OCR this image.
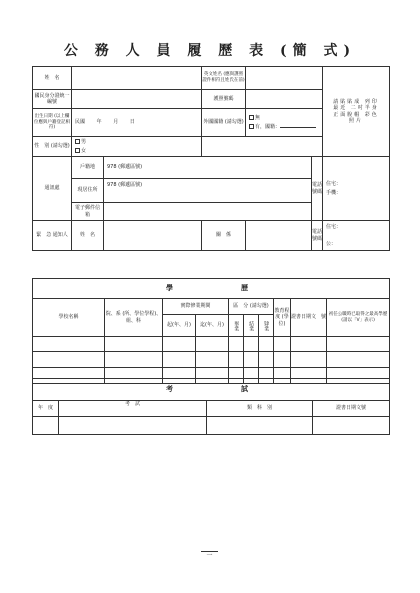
公 務 人 員 履 歷 表 (簡 式)
姓　名			英文姓名 (應與護照證件相符且姓氏在前)			請貼貼成 列印最近 二吋半身 正面脫帽 彩色照片
國民身分證統一編號			護照號碼			
出生日期 (以上欄位應與戶籍登記相符)	民國   年   月   日		外國國籍 (請勾選)	無
有，國籍：		

性　別 (請勾選)	男
女					

通訊處	戶籍地	978 (郵遞區號)			電話號碼	住宅：
手機：

	現居住所	978 (郵遞區號)				
	電子郵件信　箱					
緊　急 通知人	姓　名		關　係		電話號碼	住宅：
公：
學　　　　歷									
學校名稱	院、系 (所、學位學程)、組、科	實際修業期間		區　分 (請勾選)			教育程度 (學位)	證書日期文　號	初任公職時已取得之最高學歷 (請以「V」表示)
		起(年、月)	迄(年、月)	畢業	結業	肄業			

考　　　　試			
年　度	考　試	類　科　別	證書日期文號

一
